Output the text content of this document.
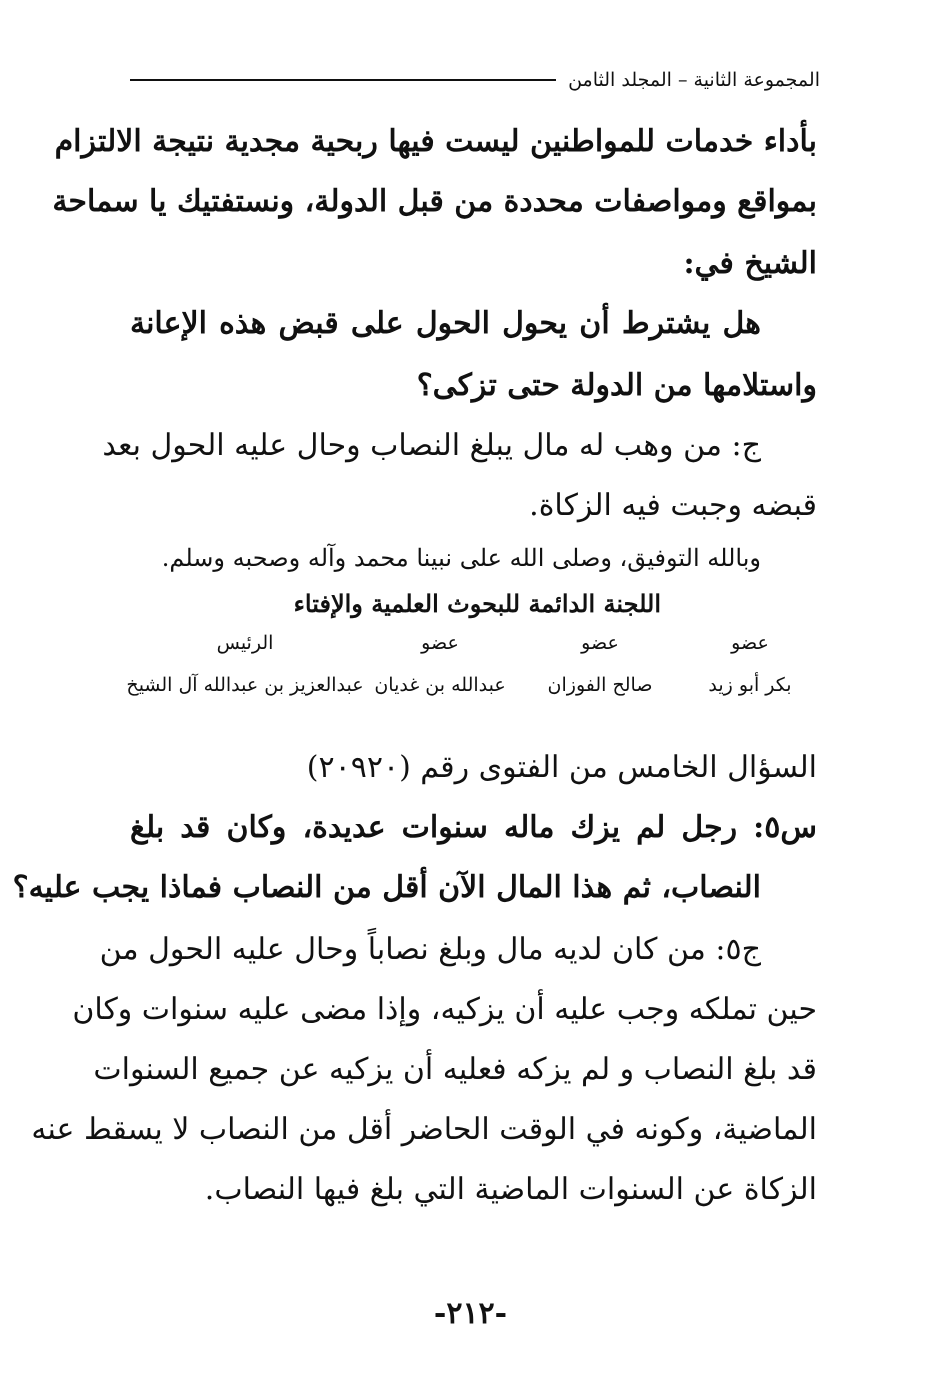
المجموعة الثانية – المجلد الثامن
بأداء خدمات للمواطنين ليست فيها ربحية مجدية نتيجة الالتزام
بمواقع ومواصفات محددة من قبل الدولة، ونستفتيك يا سماحة
الشيخ في:
هل يشترط أن يحول الحول على قبض هذه الإعانة
واستلامها من الدولة حتى تزكى؟
ج: من وهب له مال يبلغ النصاب وحال عليه الحول بعد
قبضه وجبت فيه الزكاة.
وبالله التوفيق، وصلى الله على نبينا محمد وآله وصحبه وسلم.
اللجنة الدائمة للبحوث العلمية والإفتاء
عضو
عضو
عضو
الرئيس
بكر أبو زيد
صالح الفوزان
عبدالله بن غديان
عبدالعزيز بن عبدالله آل الشيخ
السؤال الخامس من الفتوى رقم (٢٠٩٢٠)
س٥: رجل لم يزك ماله سنوات عديدة، وكان قد بلغ
النصاب، ثم هذا المال الآن أقل من النصاب فماذا يجب عليه؟
ج٥: من كان لديه مال وبلغ نصاباً وحال عليه الحول من
حين تملكه وجب عليه أن يزكيه، وإذا مضى عليه سنوات وكان
قد بلغ النصاب و لم يزكه فعليه أن يزكيه عن جميع السنوات
الماضية، وكونه في الوقت الحاضر أقل من النصاب لا يسقط عنه
الزكاة عن السنوات الماضية التي بلغ فيها النصاب.
-٢١٢-
